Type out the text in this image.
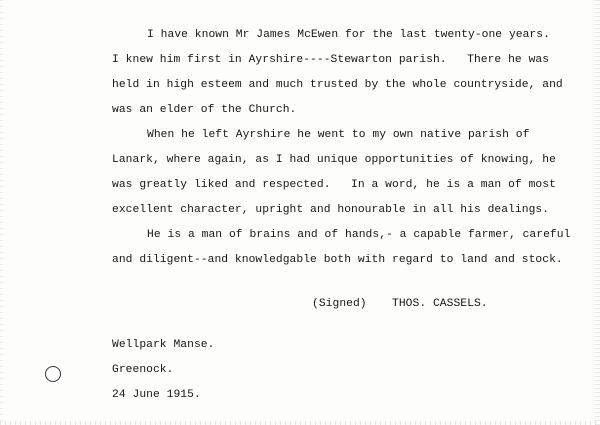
I have known Mr James McEwen for the last twenty-one years.
I knew him first in Ayrshire----Stewarton parish.   There he was
held in high esteem and much trusted by the whole countryside, and
was an elder of the Church.
When he left Ayrshire he went to my own native parish of
Lanark, where again, as I had unique opportunities of knowing, he
was greatly liked and respected.   In a word, he is a man of most
excellent character, upright and honourable in all his dealings.
He is a man of brains and of hands,- a capable farmer, careful
and diligent--and knowledgable both with regard to land and stock.
(Signed) THOS. CASSELS.
Wellpark Manse.
Greenock.
24 June 1915.
